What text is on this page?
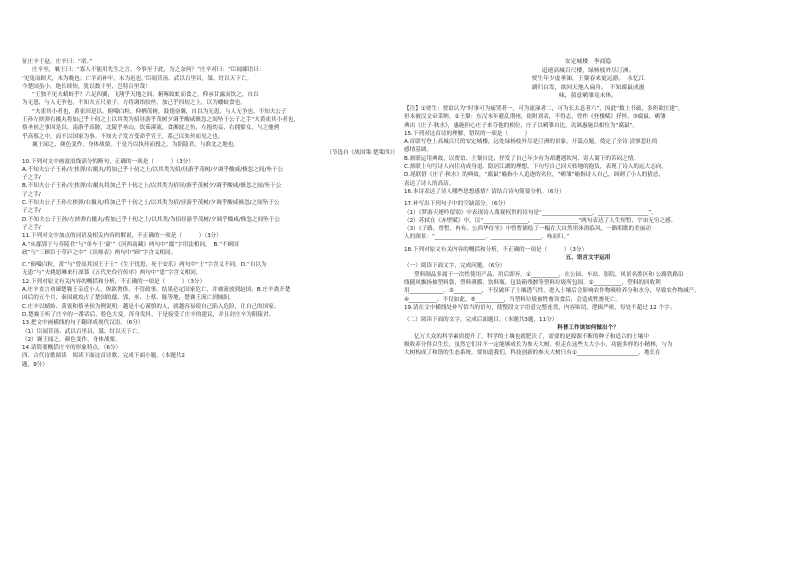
征庄辛于赵。庄辛曰：“诺。”
庄辛至，襄王曰：“寡人不能用先生之言，今事至于此，为之奈何？”庄辛对曰：“臣闻鄙语曰：
‘见兔而顾犬，未为晚也；亡羊而补牢，未为迟也。’臣闻昔汤、武以百里昌，桀、纣以天下亡。
今楚国虽小，绝长续短，犹以数千里，岂特百里哉！
“王独不见夫蜻蛉乎？六足四翼，飞翔乎天地之间，俯啄蚊虻而食之，仰承甘露而饮之，自以
为无患，与人无争也。不知夫五尺童子，方将调饴胶丝，加己乎四仞之上，以为蝼蚁食也。
“夫雀其小者也，黄雀因是以。俯噣白粒，仰栖茂树，鼓翅奋翼，自以为无患，与人无争也。不知夫公子
王孙左挟弹右摄丸将加己乎十仞之上以其类为招昼游乎茂树夕调乎酸咸倏忽之间坠于公子之手“夫黄雀其小者也，
蔡圣侯之事因是以。南游乎高陂，北陵乎巫山，饮茹溪流，食湘波之鱼，左抱幼妾，右拥嬖女，与之驰骋
乎高蔡之中，而不以国家为事。不知夫子发方受命乎宣王，系己以朱丝而见之也。
襄王闻之，颜色变作，身体战栗。于是乃以执珪而授之，为阳陵君，与淮北之地也。
（节选自《战国策·楚策四》）
10.下列对文中画波浪线部分的断句，正确的一项是（　　　）（3分）
A.不知夫公子王孙/左挟弹/右摄丸/将加己乎十仞之上/以其类为招/昼游乎茂树/夕调乎酸咸/倏忽之间/坠于公
子之手/
B.不知夫公子王孙/左挟弹/右摄丸将加己乎十仞之上/以其类为招昼/游乎茂树夕/调乎酸咸/倏忽之间/坠于公
子之手/
C.不知夫公子王孙左挟弹/右摄丸/将加己乎十仞之上/以其类为招/昼游乎茂树/夕调乎酸咸倏忽/之间坠于公
子之手/
D.不知夫公子王孙/左挟弹右摄丸/将加己乎十仞之上/以其类/为招昼游乎茂树/夕调乎酸咸/倏忽之间坠于公
子之手/
11.下列对文中加点的词语及相关内容的解说，不正确的一项是（　　　）（3分）
A.“从鄢郢于与寿陵君”与“单车于‘豪’”《河西南藏》两句中“鄢”字用法相同。　B.“不顾国
政”与“三顾臣于草庐之中”《出师表》两句中“顾”字含义相同。
C.“俯噣白粒，黄”与“曾高其国王于士”《生于忧患，死于安乐》两句中“士”字含义不同。D.“自以为
无患”与“夫姚愿琳来行深慕《五代史伶官传序》两句中“患”字含义相同。
12.下列对原文有关内容的概括和分析，不正确的一项是（　　　）（3分）
A.庄辛直言劝谏楚襄王亲近小人，纵欲奢侈，不管政事，结果必定国家危亡，并被流放到赵国。B.庄辛离开楚
国后的五个月，秦国就攻占了楚国的鄢、郢、巫、上蔡、陈等地，楚襄王流亡到城阳。
C.庄辛以蜻蛉、黄雀和蔡圣侯为例说明：越是小心谨慎的人，就越容易使自己陷入危险，让自己的国家。
D.楚襄王听了庄辛的一番话后，脸色大变，浑身发抖，于是接受了庄辛的建议，并且封庄辛为阳陵君。
13.把文中画横线的句子翻译成现代汉语。（6分）
（1）臣闻昔汤、武以百里昌，桀、纣以天下亡。
（2）襄王闻之，颜色变作，身体战栗。
14.请简要概括庄辛的形象特点。（6分）
四、古代诗歌阅读　阅读下面这首诗歌，完成下面小题。（本题共2
题，9分）
安定城楼　李商隐
迢递高城百尺楼，绿杨枝外尽汀洲。
贾生年少虚垂涕，王粲春来更远游。　永忆江
湖归白发，欲回天地入扁舟。　不知腐鼠成滋
味，猜意鹓雏竟未休。
【注】①贾生：贾谊认为“时事可为痛哭者一，可为流涕者二，可为长太息者六”，因此“数上书疏，多所欲匡建”，
但未被汉文帝采纳。②王粲：东汉末年避乱荆州，依附刘表，不得志，曾作《登楼赋》抒怀。③腐鼠、鹓雏
典出《庄子·秋水》，惠施担心庄子来夺他的相位，庄子以鹓雏自比，讥讽惠施以相位为“腐鼠”。
15.下列对这首诗的理解，错误的一项是（　　　）
A.首联写登上高城百尺的安定城楼，远处绿杨枝外尽是汀洲的景象，开篇点题，奠定了全诗 清寥悲壮的
感情基调。
B.颔联运用典故，以贾谊、王粲自比，抒发了自己年少有为却遭遇坎坷、寄人篱下的苦闷之情。
C.颈联上句写诗人向往功成身退、隐居江湖的理想，下句写自己回天转地的抱负，表现了诗人的远大志向。
D.尾联借《庄子·秋水》的典故，“腐鼠”喻指小人追逐的名位，“鹓雏”喻指诗人自己，讽刺了小人的猜忌，
表达了诗人的高洁。
16.本诗表达了诗人哪些思想感情？请结合诗句简要分析。（6分）
17.补写出下列句子中的空缺部分。（6分）
（1）《梦游天姥吟留别》中表现诗人蔑视权贵的诗句是“__________________，__________________”。
（2）苏轼在《赤壁赋》中，以“________________，________________”两句表达了人生短暂、宇宙无穷之感。
（3）《子路、曾皙、冉有、公西华侍坐》中曾皙描绘了一幅在大自然里沐浴临风，一路唱歌的美丽动
人的图景：“__________________，__________________，咏而归。”
18.下列对原文有关内容的概括和分析，不正确的一项是（　　　）（3分）
五、语言文字运用
（一）阅读下面文字，完成问题。（6分）
塑料制品多属于一次性使用产品，用后即弃，①__________，在公园、车站、影院、风景名胜区和 公路铁路沿
线随风飘扬被塑料袋、塑料薄膜、饮料瓶、包装箱残骸等塑料垃圾所包围。②__________，塑料的回收利
用____________，③__________，不仅破坏了土壤透气性，进入土壤后会影响农作物吸收养分和水分，导致农作物减产。
④__________。不仅如此，⑤__________，当塑料垃圾被牲畜误食后，会造成牲畜死亡。
19.请在文中横线处补写恰当的语句，使整段文字语意完整连贯，内容贴切，逻辑严密，每处不超过 12 个字。
（二）阅读下面的文字，完成后面题目。（本题共3题，11分）
科普工作该如何做出个？
亿万大众的科学素质提升了，科学的土壤也就肥沃了，需要的是源源不断的种子和适合的土壤中
吸收养分得以生长。虽然它们并不一定能够成长为参天大树，但走在这些大大小小、功能多样的小精林，与为
大树构成了和谐的生态系统。要知道我们，科技创新的参天大树只有①______________________，地长在
